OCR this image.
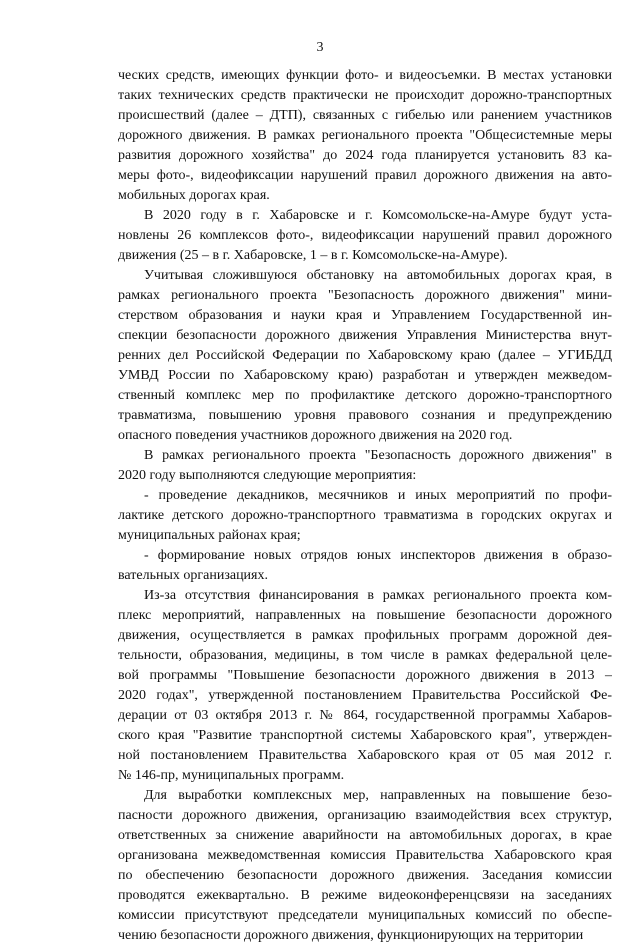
3
ческих средств, имеющих функции фото- и видеосъемки. В местах установки
таких технических средств практически не происходит дорожно-транспортных
происшествий (далее – ДТП), связанных с гибелью или ранением участников
дорожного движения. В рамках регионального проекта "Общесистемные меры
развития дорожного хозяйства" до 2024 года планируется установить 83 ка-
меры фото-, видеофиксации нарушений правил дорожного движения на авто-
мобильных дорогах края.
В 2020 году в г. Хабаровске и г. Комсомольске-на-Амуре будут уста-
новлены 26 комплексов фото-, видеофиксации нарушений правил дорожного
движения (25 – в г. Хабаровске, 1 – в г. Комсомольске-на-Амуре).
Учитывая сложившуюся обстановку на автомобильных дорогах края, в
рамках регионального проекта "Безопасность дорожного движения" мини-
стерством образования и науки края и Управлением Государственной ин-
спекции безопасности дорожного движения Управления Министерства внут-
ренних дел Российской Федерации по Хабаровскому краю (далее – УГИБДД
УМВД России по Хабаровскому краю) разработан и утвержден межведом-
ственный комплекс мер по профилактике детского дорожно-транспортного
травматизма, повышению уровня правового сознания и предупреждению
опасного поведения участников дорожного движения на 2020 год.
В рамках регионального проекта "Безопасность дорожного движения" в
2020 году выполняются следующие мероприятия:
- проведение декадников, месячников и иных мероприятий по профи-
лактике детского дорожно-транспортного травматизма в городских округах и
муниципальных районах края;
- формирование новых отрядов юных инспекторов движения в образо-
вательных организациях.
Из-за отсутствия финансирования в рамках регионального проекта ком-
плекс мероприятий, направленных на повышение безопасности дорожного
движения, осуществляется в рамках профильных программ дорожной дея-
тельности, образования, медицины, в том числе в рамках федеральной целе-
вой программы "Повышение безопасности дорожного движения в 2013 –
2020 годах", утвержденной постановлением Правительства Российской Фе-
дерации от 03 октября 2013 г. № 864, государственной программы Хабаров-
ского края "Развитие транспортной системы Хабаровского края", утвержден-
ной постановлением Правительства Хабаровского края от 05 мая 2012 г.
№ 146-пр, муниципальных программ.
Для выработки комплексных мер, направленных на повышение безо-
пасности дорожного движения, организацию взаимодействия всех структур,
ответственных за снижение аварийности на автомобильных дорогах, в крае
организована межведомственная комиссия Правительства Хабаровского края
по обеспечению безопасности дорожного движения. Заседания комиссии
проводятся ежеквартально. В режиме видеоконференцсвязи на заседаниях
комиссии присутствуют председатели муниципальных комиссий по обеспе-
чению безопасности дорожного движения, функционирующих на территории
